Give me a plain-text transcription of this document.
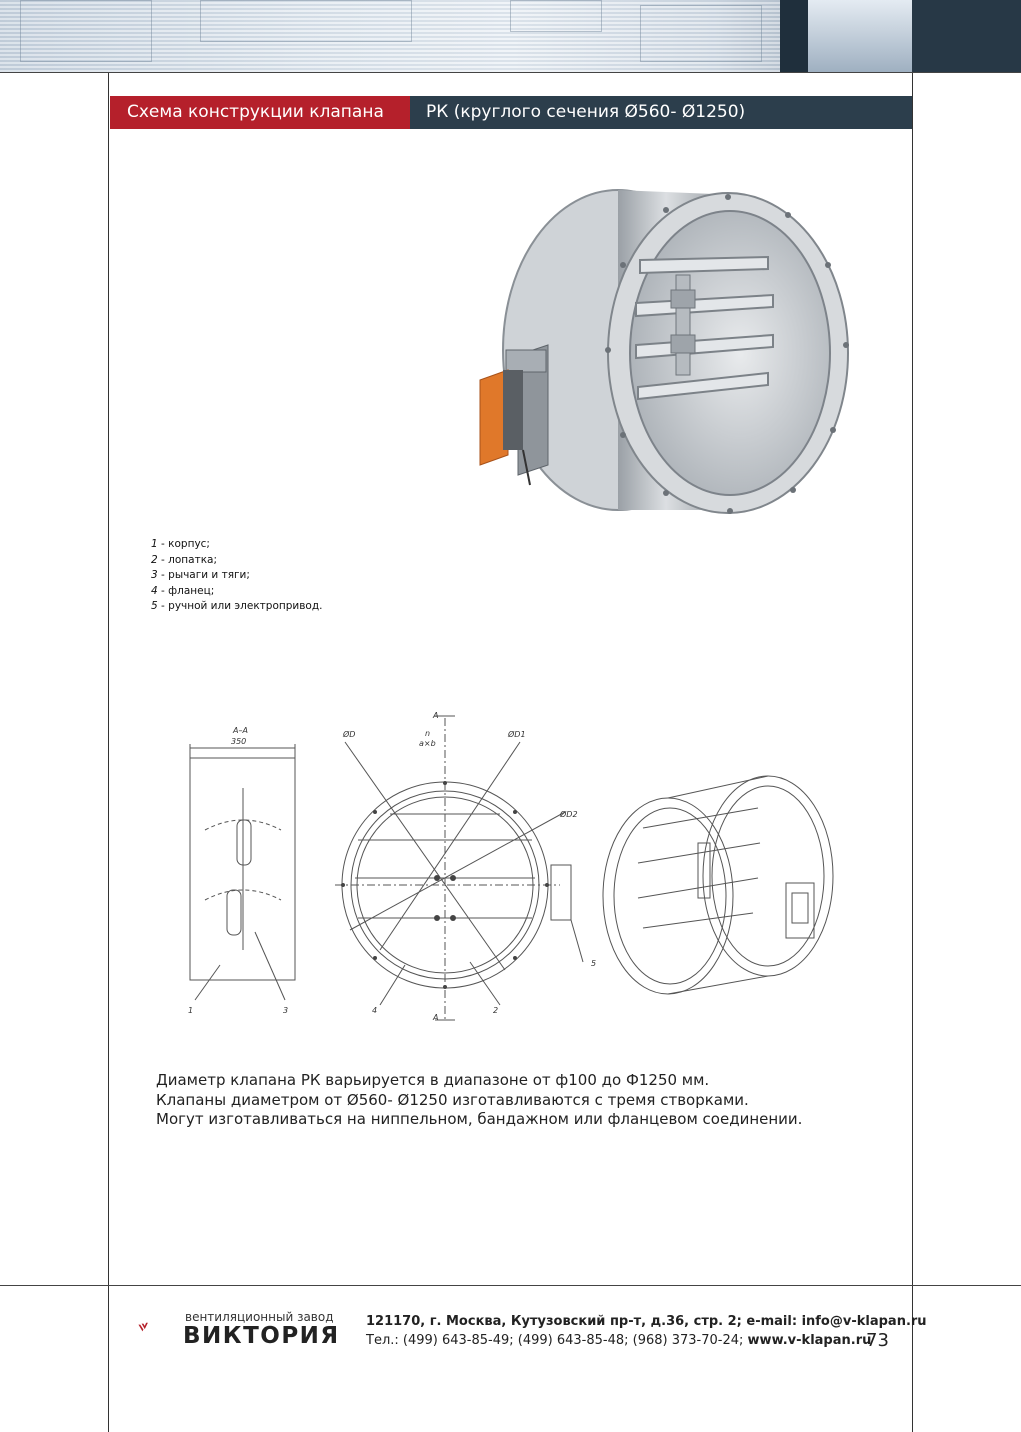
Схема конструкции клапана	РК (круглого сечения Ø560- Ø1250)
1 - корпус;
2 - лопатка;
3 - рычаги и тяги;
4 - фланец;
5 - ручной или электропривод.
А–А
350
А
А
ØD	ØD1
ØD2
n
a×b
1	2
3	4
5
Диаметр клапана РК варьируется в диапазоне от ф100 до Ф1250 мм.
Клапаны диаметром от Ø560- Ø1250 изготавливаются с тремя створками.
Могут изготавливаться на ниппельном, бандажном или фланцевом соединении.
вентиляционный завод
ВИКТОРИЯ
121170, г. Москва, Кутузовский пр-т, д.36, стр. 2; e-mail: info@v-klapan.ru
Тел.: (499) 643-85-49; (499) 643-85-48; (968) 373-70-24; www.v-klapan.ru
73
